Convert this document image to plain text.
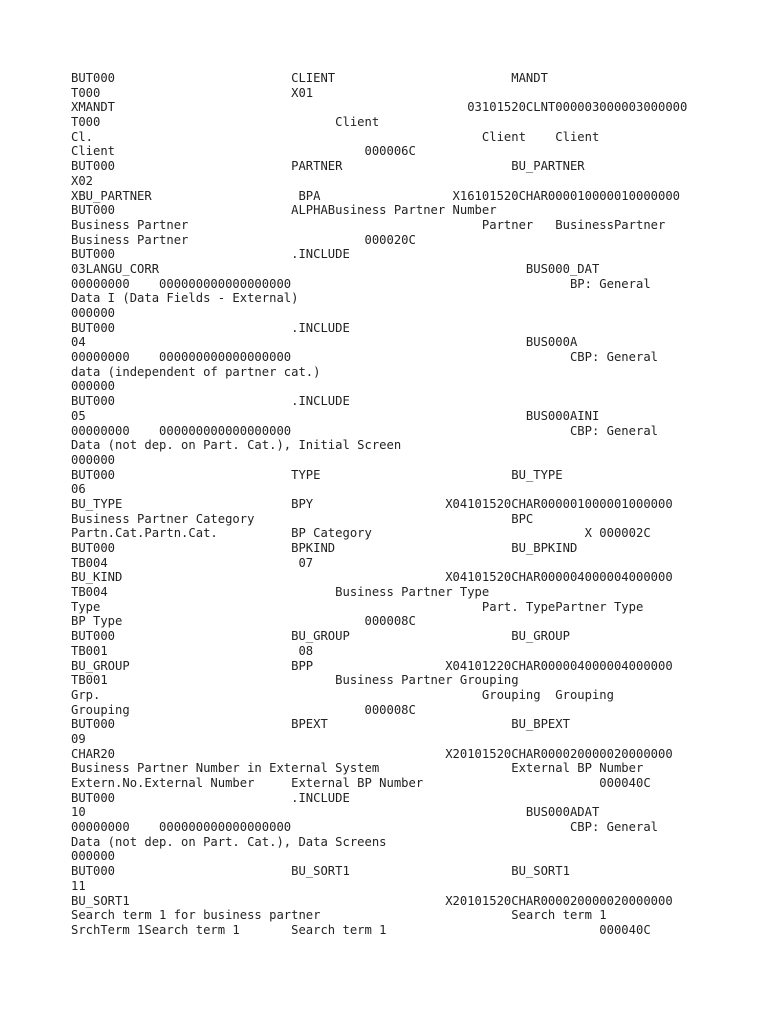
BUT000                        CLIENT                        MANDT
T000                          X01
XMANDT                                                03101520CLNT000003000003000000
T000                                Client
Cl.                                                     Client    Client
Client                                  000006C
BUT000                        PARTNER                       BU_PARTNER
X02
XBU_PARTNER                    BPA                  X16101520CHAR000010000010000000
BUT000                        ALPHABusiness Partner Number
Business Partner                                        Partner   BusinessPartner
Business Partner                        000020C
BUT000                        .INCLUDE
03LANGU_CORR                                                  BUS000_DAT
00000000    000000000000000000                                      BP: General
Data I (Data Fields - External)
000000
BUT000                        .INCLUDE
04                                                            BUS000A
00000000    000000000000000000                                      CBP: General
data (independent of partner cat.)
000000
BUT000                        .INCLUDE
05                                                            BUS000AINI
00000000    000000000000000000                                      CBP: General
Data (not dep. on Part. Cat.), Initial Screen
000000
BUT000                        TYPE                          BU_TYPE
06
BU_TYPE                       BPY                  X04101520CHAR000001000001000000
Business Partner Category                                   BPC
Partn.Cat.Partn.Cat.          BP Category                             X 000002C
BUT000                        BPKIND                        BU_BPKIND
TB004                          07
BU_KIND                                            X04101520CHAR000004000004000000
TB004                               Business Partner Type
Type                                                    Part. TypePartner Type
BP Type                                 000008C
BUT000                        BU_GROUP                      BU_GROUP
TB001                          08
BU_GROUP                      BPP                  X04101220CHAR000004000004000000
TB001                               Business Partner Grouping
Grp.                                                    Grouping  Grouping
Grouping                                000008C
BUT000                        BPEXT                         BU_BPEXT
09
CHAR20                                             X20101520CHAR000020000020000000
Business Partner Number in External System                  External BP Number
Extern.No.External Number     External BP Number                        000040C
BUT000                        .INCLUDE
10                                                            BUS000ADAT
00000000    000000000000000000                                      CBP: General
Data (not dep. on Part. Cat.), Data Screens
000000
BUT000                        BU_SORT1                      BU_SORT1
11
BU_SORT1                                           X20101520CHAR000020000020000000
Search term 1 for business partner                          Search term 1
SrchTerm 1Search term 1       Search term 1                             000040C
